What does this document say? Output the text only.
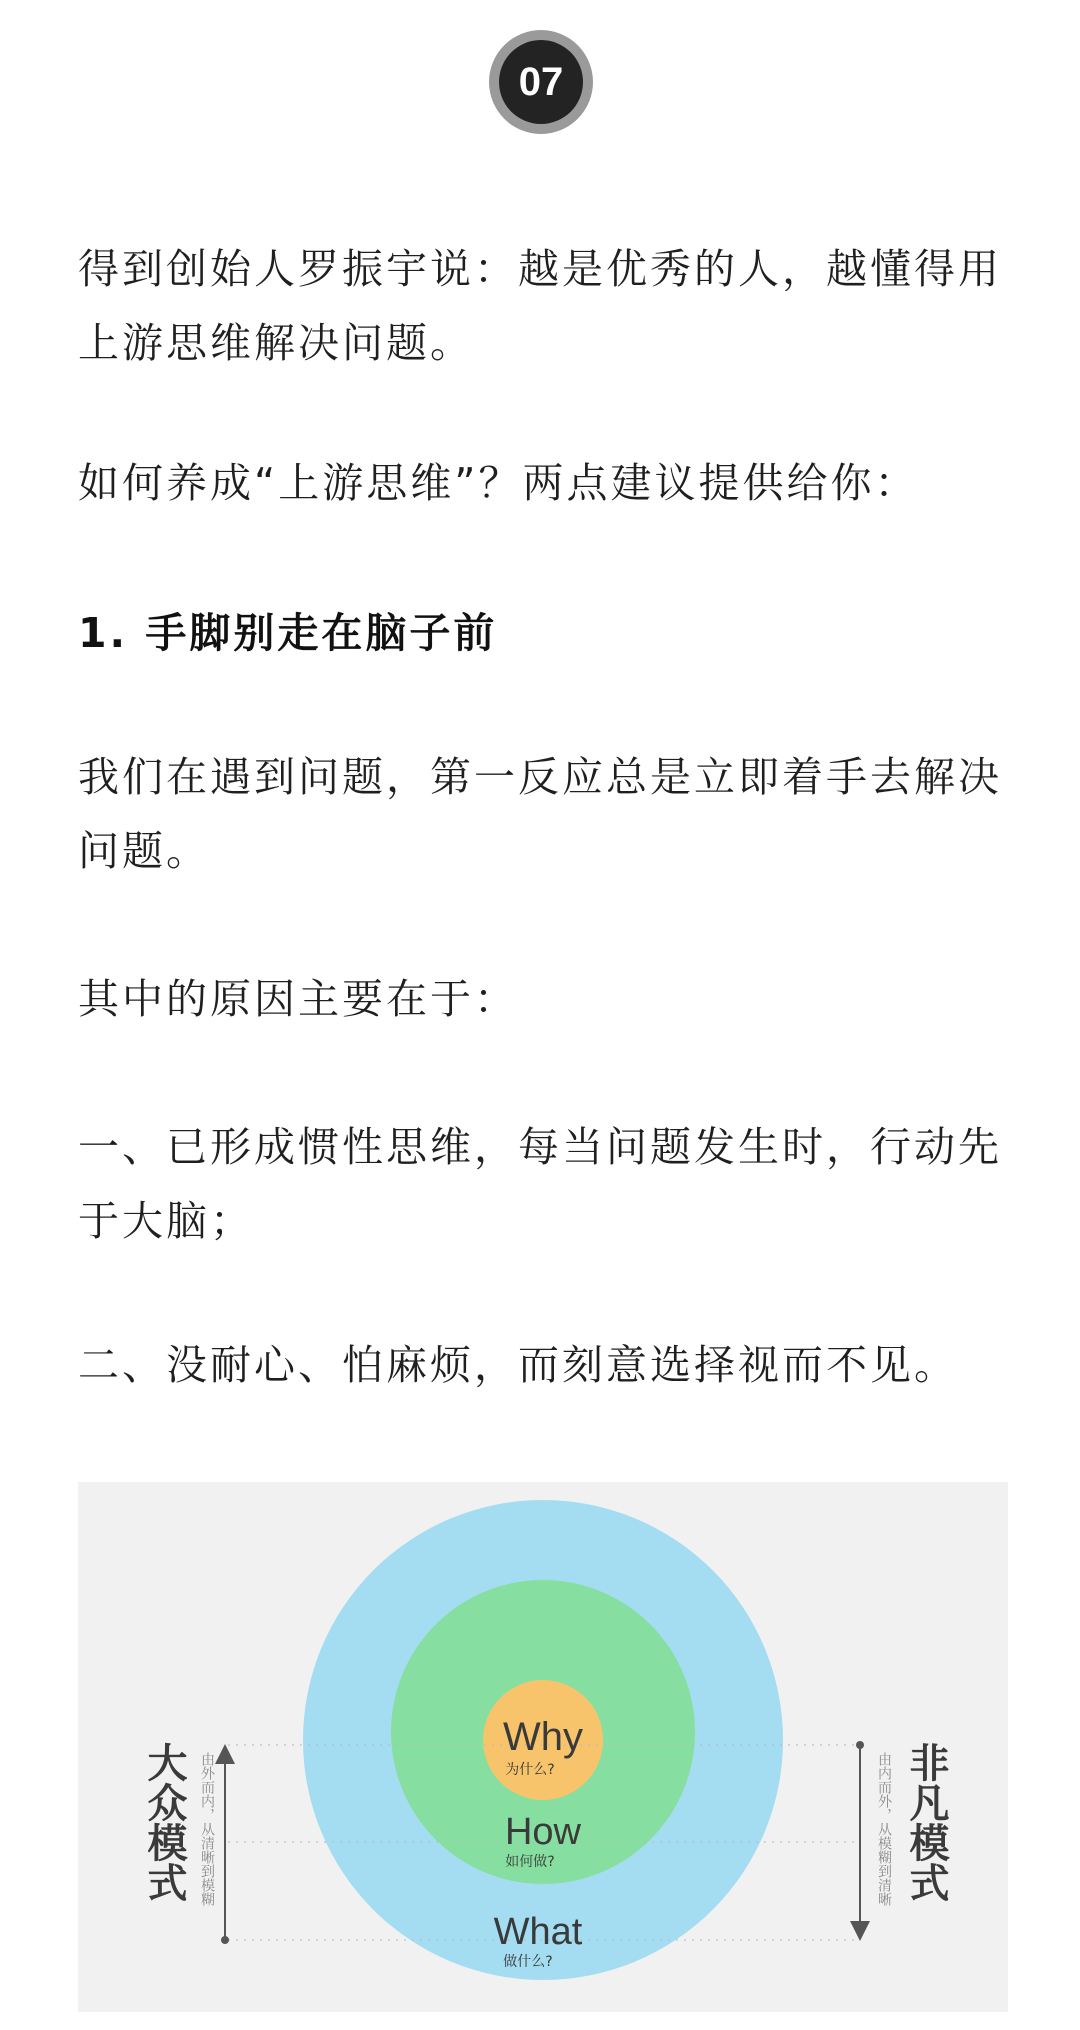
07

得到创始人罗振宇说：越是优秀的人，越懂得用上游思维解决问题。

如何养成“上游思维”？两点建议提供给你：

1. 手脚别走在脑子前

我们在遇到问题，第一反应总是立即着手去解决问题。

其中的原因主要在于：

一、已形成惯性思维，每当问题发生时，行动先于大脑；

二、没耐心、怕麻烦，而刻意选择视而不见。

Why
为什么?
How
如何做?
What
做什么?
大众模式 由外而内，从清晰到模糊	非凡模式
由内而外，从模糊到清晰
